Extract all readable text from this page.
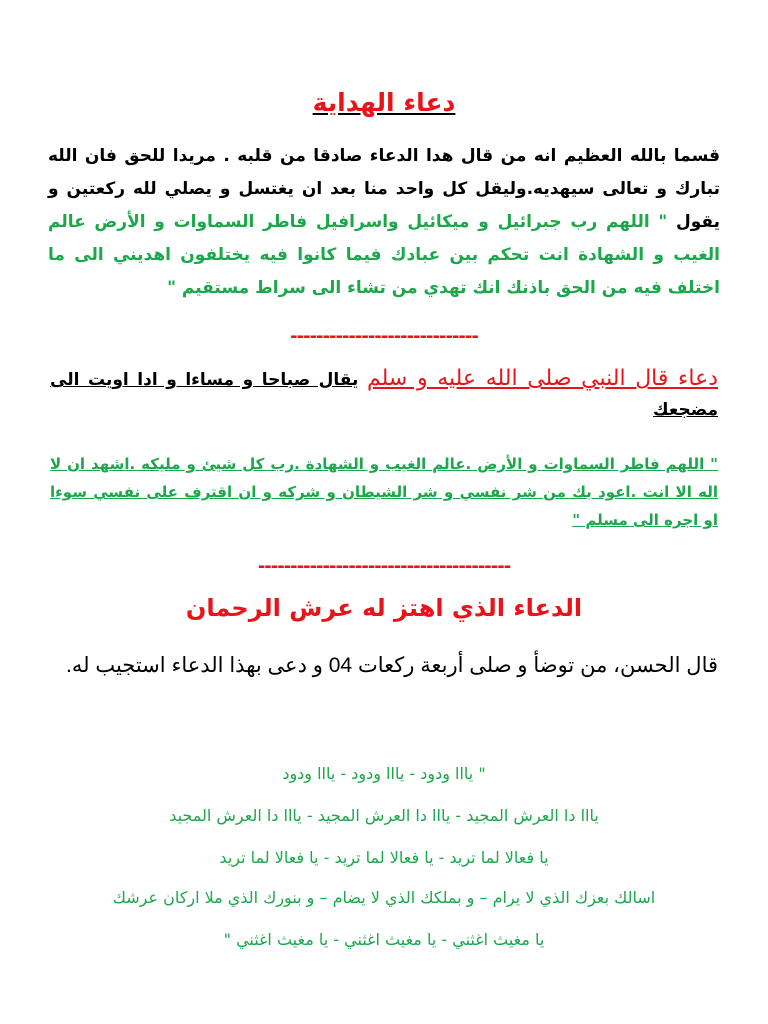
دعاء الهداية
قسما بالله العظيم انه من قال هدا الدعاء صادقا من قلبه . مريدا للحق فان الله تبارك و تعالى سيهديه.وليقل كل واحد منا بعد ان يغتسل و يصلي لله ركعتين و يقول " اللهم رب جبرائيل و ميكائيل واسرافيل فاطر السماوات و الأرض عالم الغيب و الشهادة انت تحكم بين عبادك فيما كانوا فيه يختلفون اهديني الى ما اختلف فيه من الحق باذنك انك تهدي من تشاء الى سراط مستقيم "
-----------------------------
دعاء قال النبي صلى الله عليه و سلم يقال صباحا و مساءا و ادا اويت الى مضجعك
" اللهم فاطر السماوات و الأرض .عالم الغيب و الشهادة .رب كل شيئ و مليكه .اشهد ان لا اله الا انت .اعود بك من شر نفسي و شر الشيطان و شركه و ان اقترف على نفسي سوءا او اجره الى مسلم "
---------------------------------------
الدعاء الذي اهتز له عرش الرحمان
قال الحسن، من توضأ و صلى أربعة ركعات 04 و دعى بهذا الدعاء استجيب له.
" يااا ودود - يااا ودود - يااا ودود
يااا دا العرش المجيد - يااا دا العرش المجيد - يااا دا العرش المجيد
يا فعالا لما تريد - يا فعالا لما تريد - يا فعالا لما تريد
اسالك بعزك الذي لا يرام – و بملكك الذي لا يضام – و بنورك الذي ملا اركان عرشك
يا مغيث اغثني - يا مغيث اغثني - يا مغيث اغثني "
